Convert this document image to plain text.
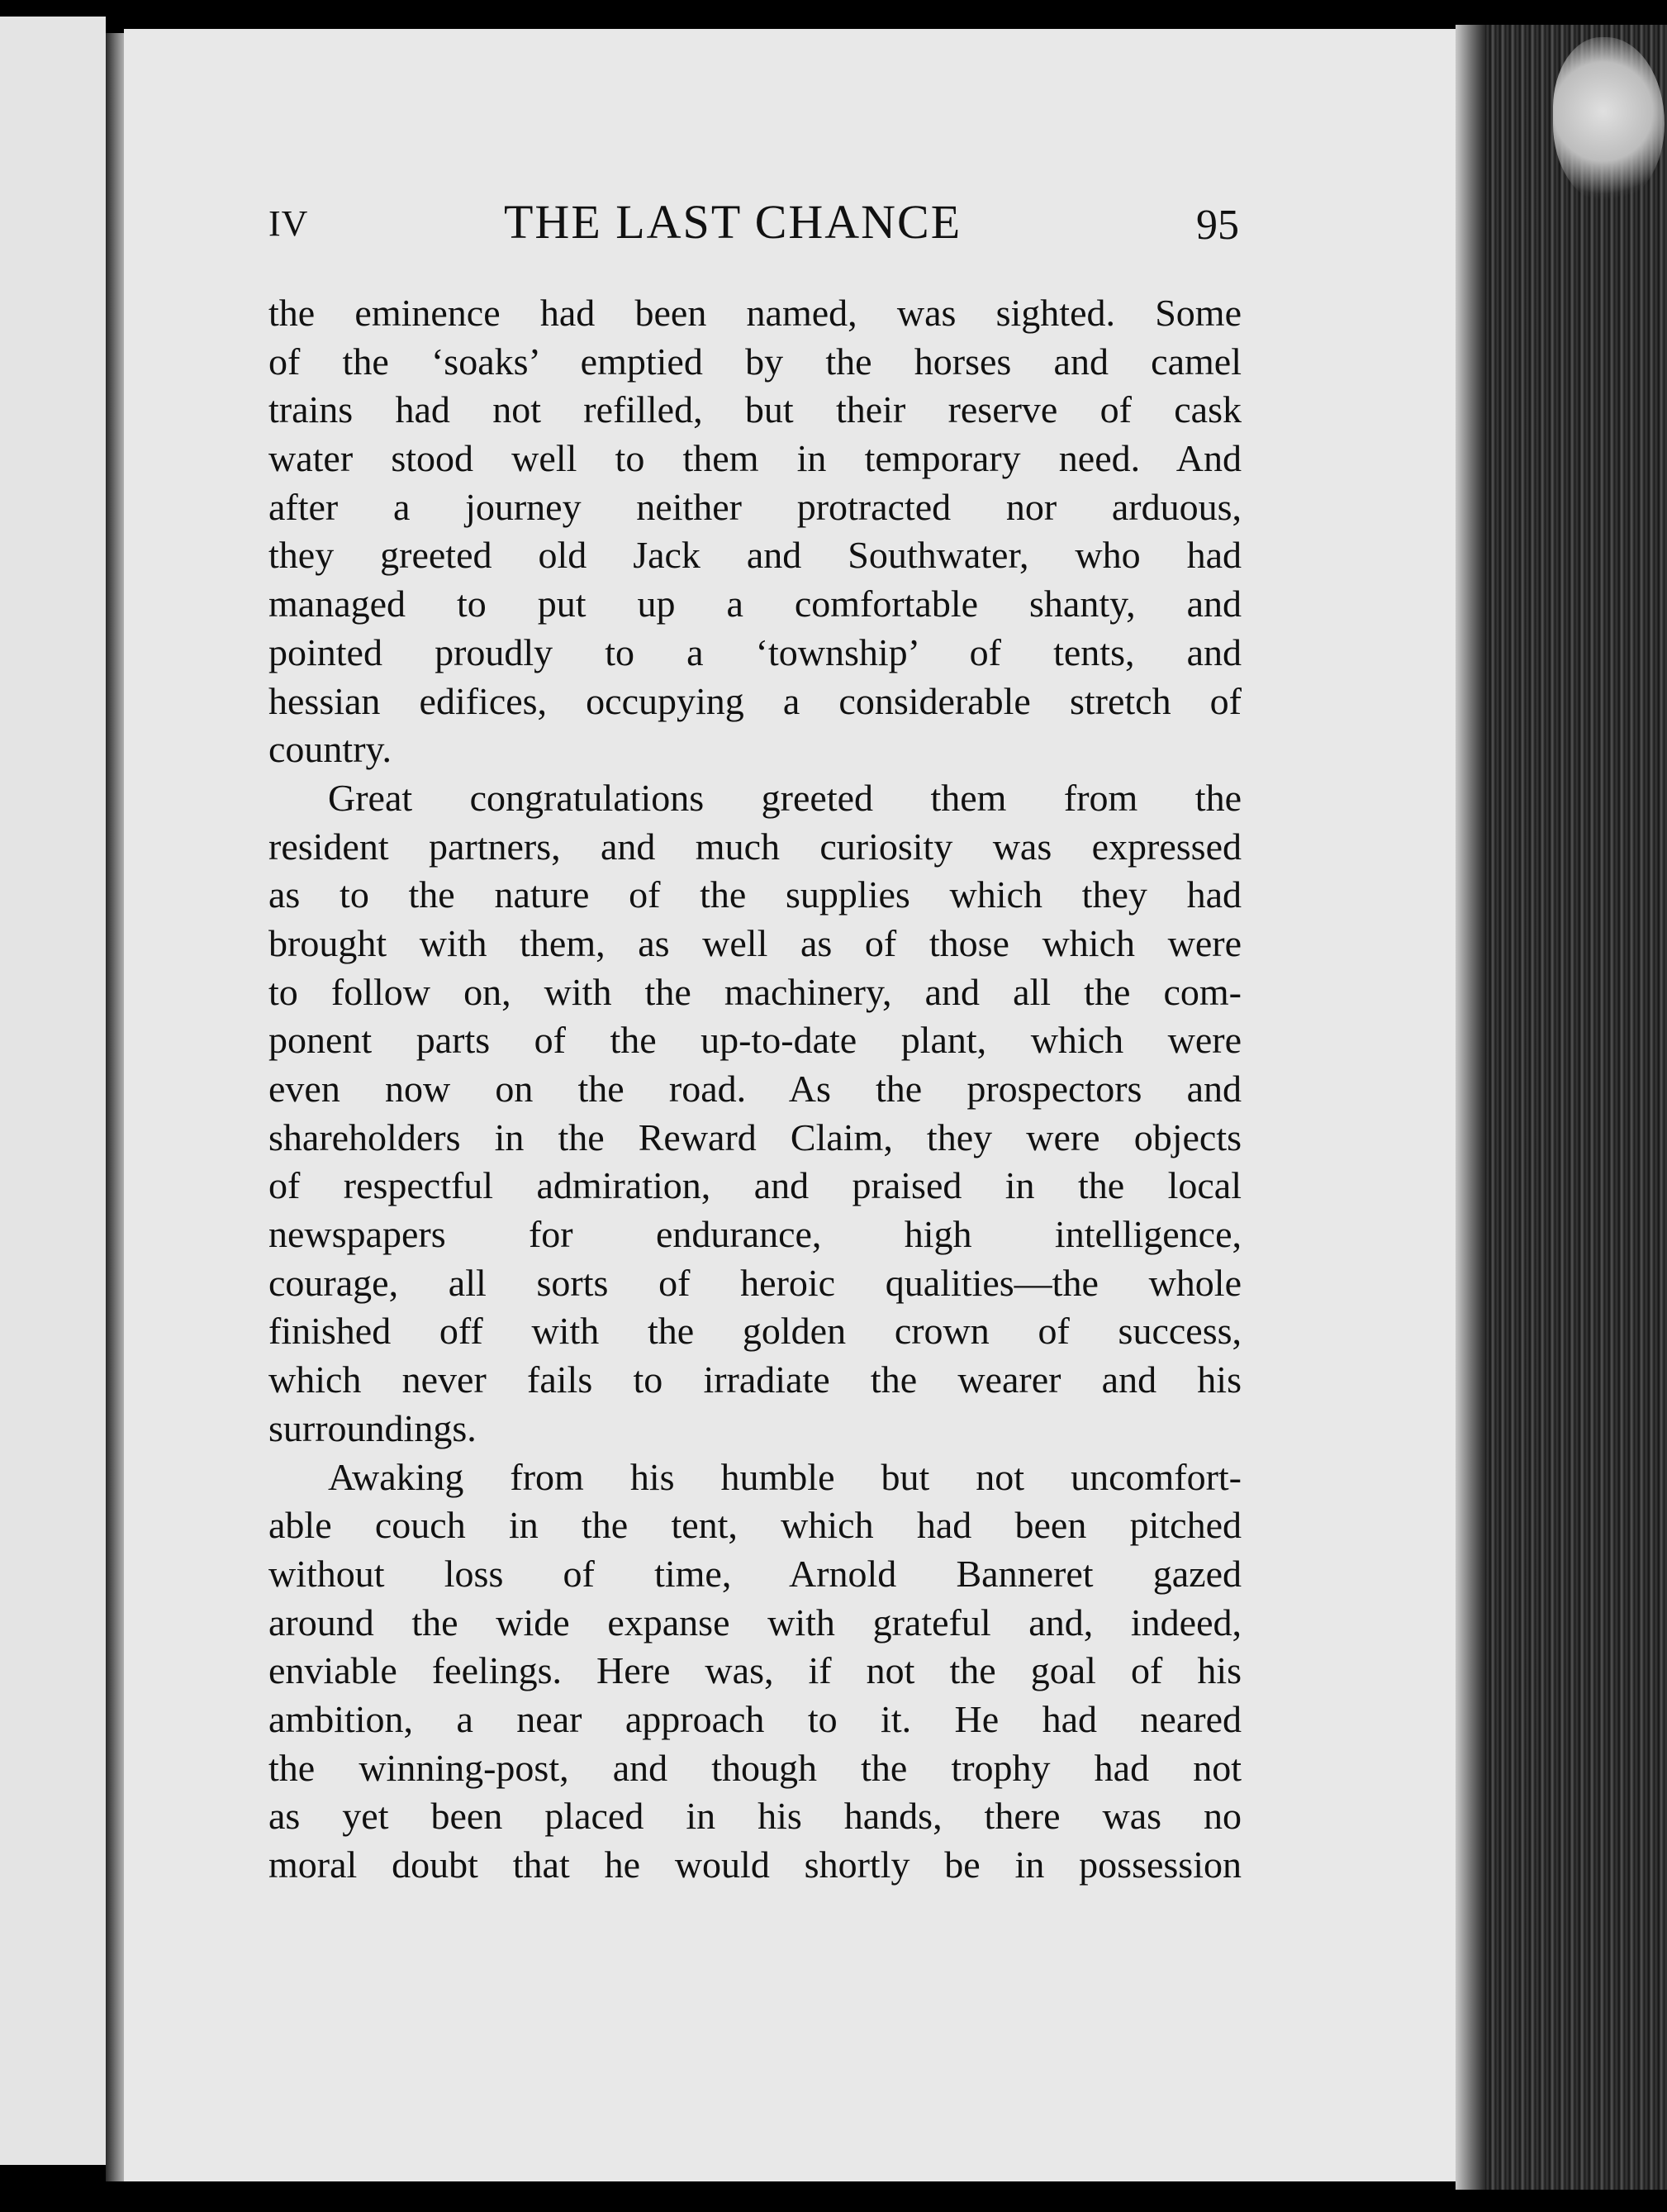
IV	THE LAST CHANCE	95
the eminence had been named, was sighted. Some
of the ‘soaks’ emptied by the horses and camel
trains had not refilled, but their reserve of cask
water stood well to them in temporary need. And
after a journey neither protracted nor arduous,
they greeted old Jack and Southwater, who had
managed to put up a comfortable shanty, and
pointed proudly to a ‘township’ of tents, and
hessian edifices, occupying a considerable stretch of
country.
Great congratulations greeted them from the
resident partners, and much curiosity was expressed
as to the nature of the supplies which they had
brought with them, as well as of those which were
to follow on, with the machinery, and all the com-
ponent parts of the up-to-date plant, which were
even now on the road. As the prospectors and
shareholders in the Reward Claim, they were objects
of respectful admiration, and praised in the local
newspapers for endurance, high intelligence,
courage, all sorts of heroic qualities—the whole
finished off with the golden crown of success,
which never fails to irradiate the wearer and his
surroundings.
Awaking from his humble but not uncomfort-
able couch in the tent, which had been pitched
without loss of time, Arnold Banneret gazed
around the wide expanse with grateful and, indeed,
enviable feelings. Here was, if not the goal of his
ambition, a near approach to it. He had neared
the winning-post, and though the trophy had not
as yet been placed in his hands, there was no
moral doubt that he would shortly be in possession
